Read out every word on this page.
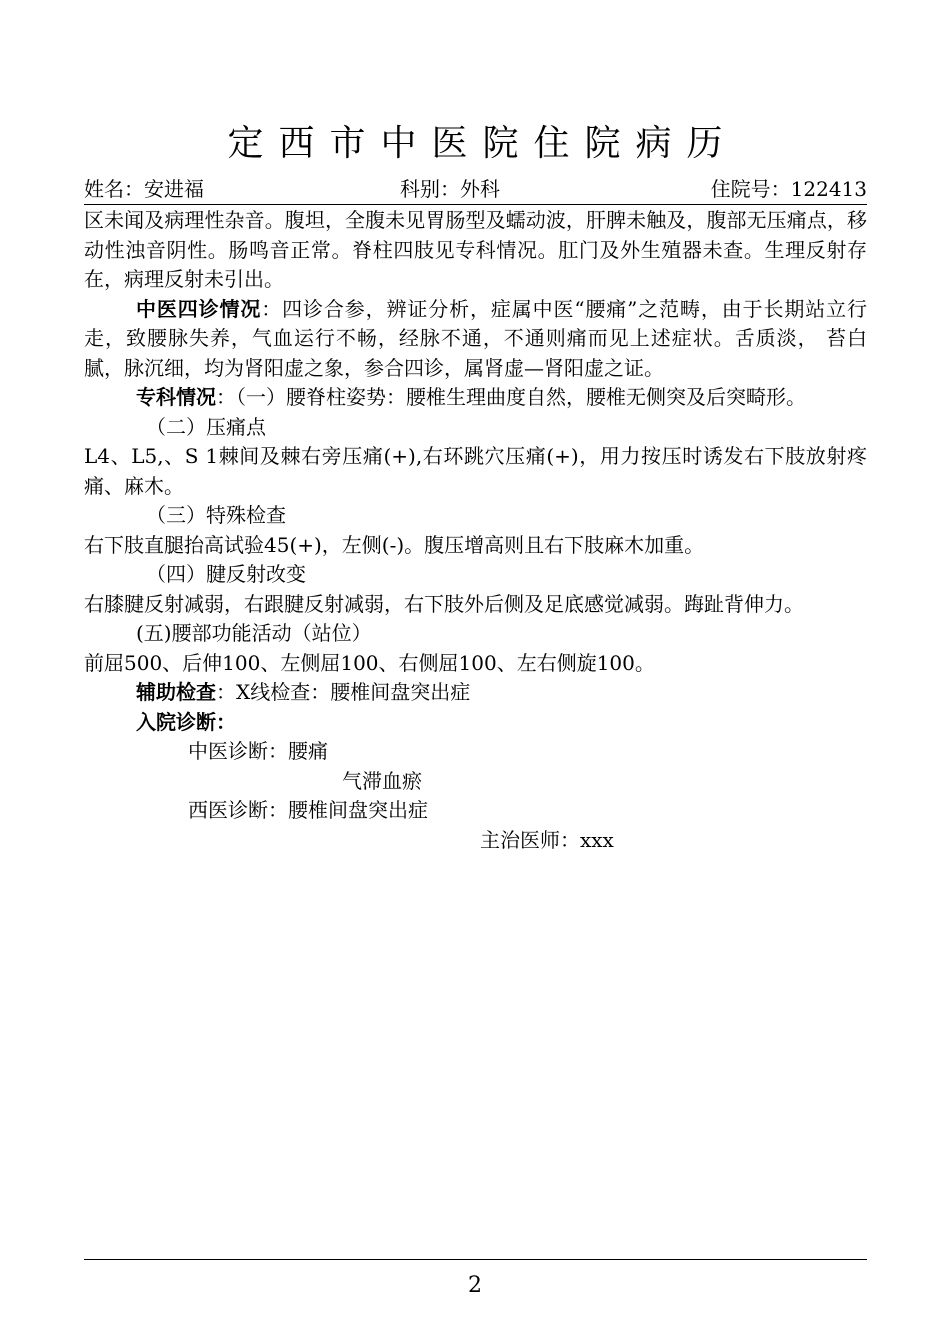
定西市中医院住院病历
姓名：安进福	科别：外科	住院号：122413

区未闻及病理性杂音。腹坦，全腹未见胃肠型及蠕动波，肝脾未触及，腹部无压痛点，移动性浊音阴性。肠鸣音正常。脊柱四肢见专科情况。肛门及外生殖器未查。生理反射存在，病理反射未引出。

中医四诊情况：四诊合参，辨证分析，症属中医“腰痛”之范畴，由于长期站立行走，致腰脉失养，气血运行不畅，经脉不通，不通则痛而见上述症状。舌质淡， 苔白腻，脉沉细，均为肾阳虚之象，参合四诊，属肾虚—肾阳虚之证。

专科情况：（一）腰脊柱姿势：腰椎生理曲度自然，腰椎无侧突及后突畸形。

（二）压痛点

L4、L5,、S 1棘间及棘右旁压痛(+),右环跳穴压痛(+)，用力按压时诱发右下肢放射疼痛、麻木。

（三）特殊检查

右下肢直腿抬高试验45(+)，左侧(-)。腹压增高则且右下肢麻木加重。

（四）腱反射改变

右膝腱反射减弱，右跟腱反射减弱，右下肢外后侧及足底感觉减弱。踇趾背伸力。

(五)腰部功能活动（站位）

前屈500、后伸100、左侧屈100、右侧屈100、左右侧旋100。

辅助检查：X线检查：腰椎间盘突出症

入院诊断：

中医诊断：腰痛

气滞血瘀

西医诊断：腰椎间盘突出症

主治医师：xxx

2
